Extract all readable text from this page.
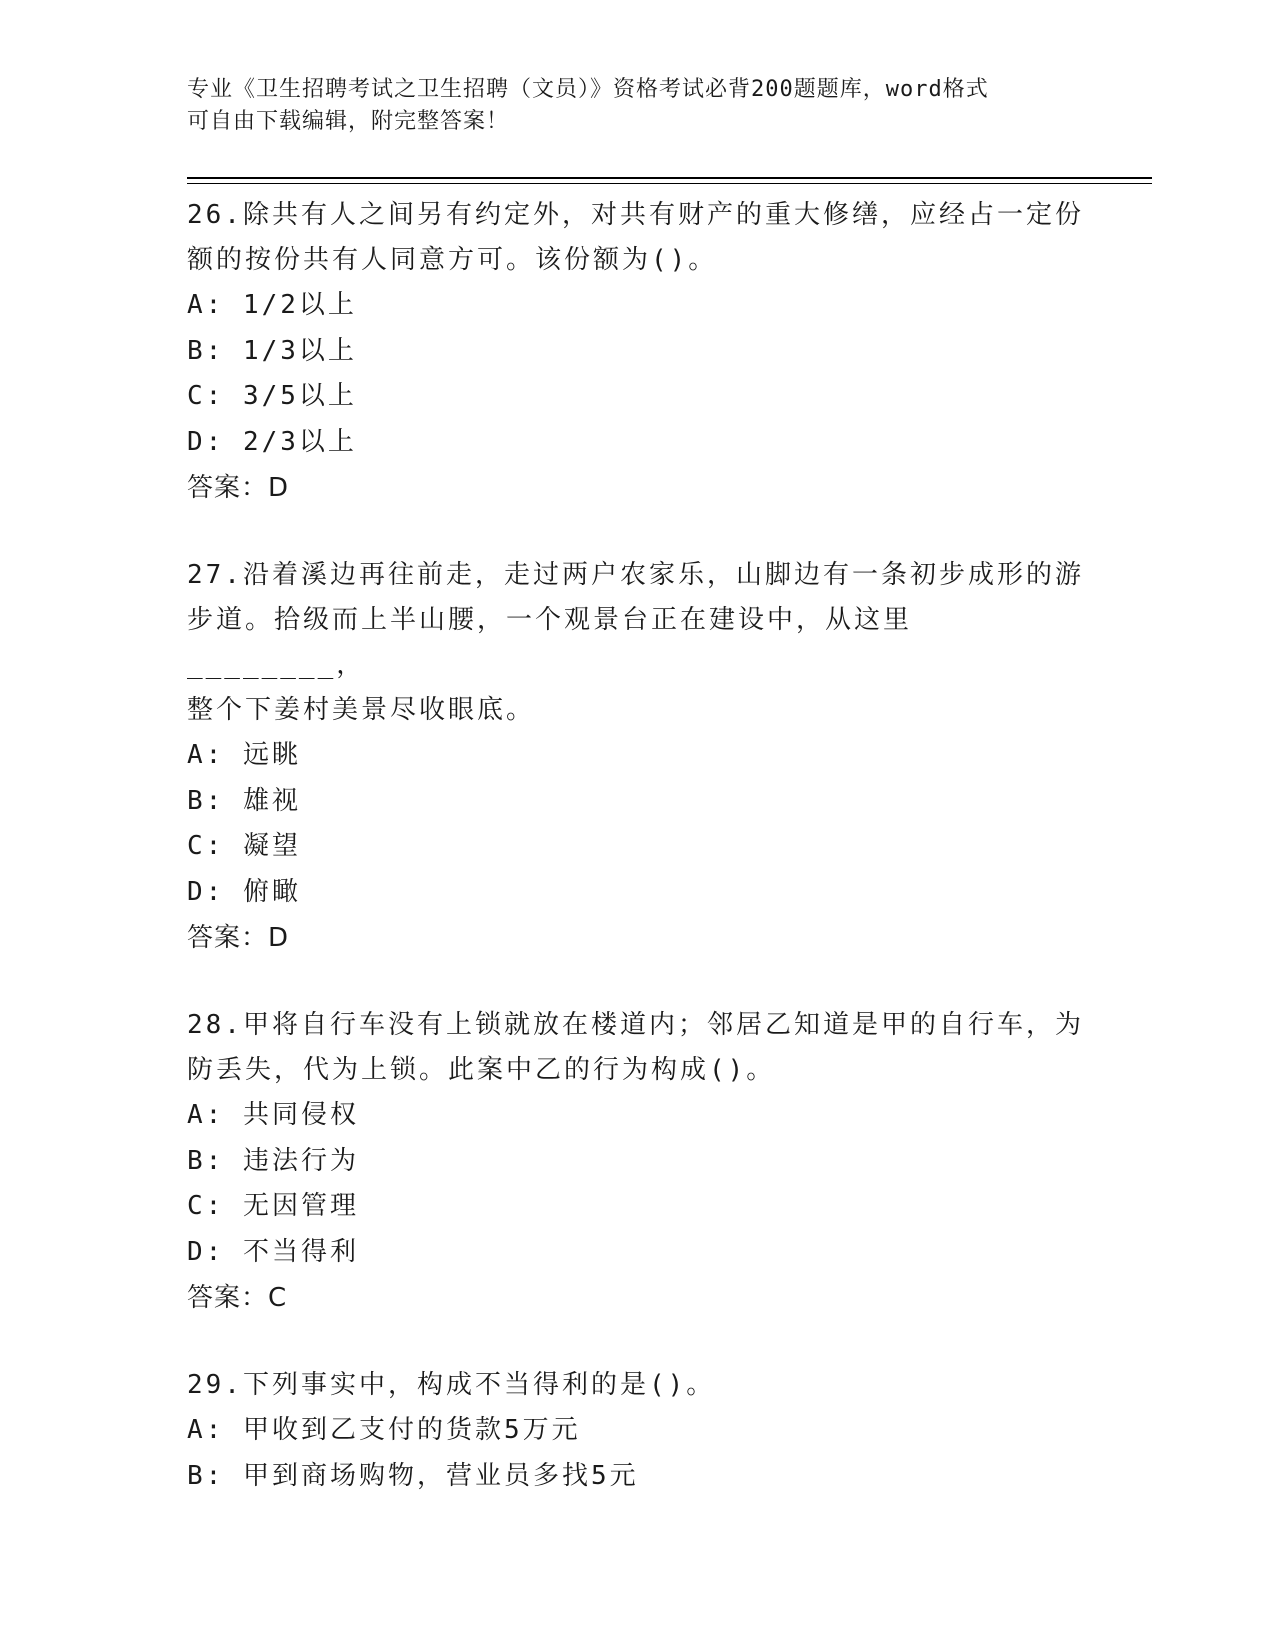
专业《卫生招聘考试之卫生招聘（文员）》资格考试必背200题题库，word格式
可自由下载编辑，附完整答案！

26.除共有人之间另有约定外，对共有财产的重大修缮，应经占一定份

额的按份共有人同意方可。该份额为()。

A: 1/2以上

B: 1/3以上

C: 3/5以上

D: 2/3以上

答案：D

27.沿着溪边再往前走，走过两户农家乐，山脚边有一条初步成形的游

步道。拾级而上半山腰，一个观景台正在建设中，从这里________，

整个下姜村美景尽收眼底。

A: 远眺

B: 雄视

C: 凝望

D: 俯瞰

答案：D

28.甲将自行车没有上锁就放在楼道内；邻居乙知道是甲的自行车，为

防丢失，代为上锁。此案中乙的行为构成()。

A: 共同侵权

B: 违法行为

C: 无因管理

D: 不当得利

答案：C

29.下列事实中，构成不当得利的是()。

A: 甲收到乙支付的货款5万元

B: 甲到商场购物，营业员多找5元
